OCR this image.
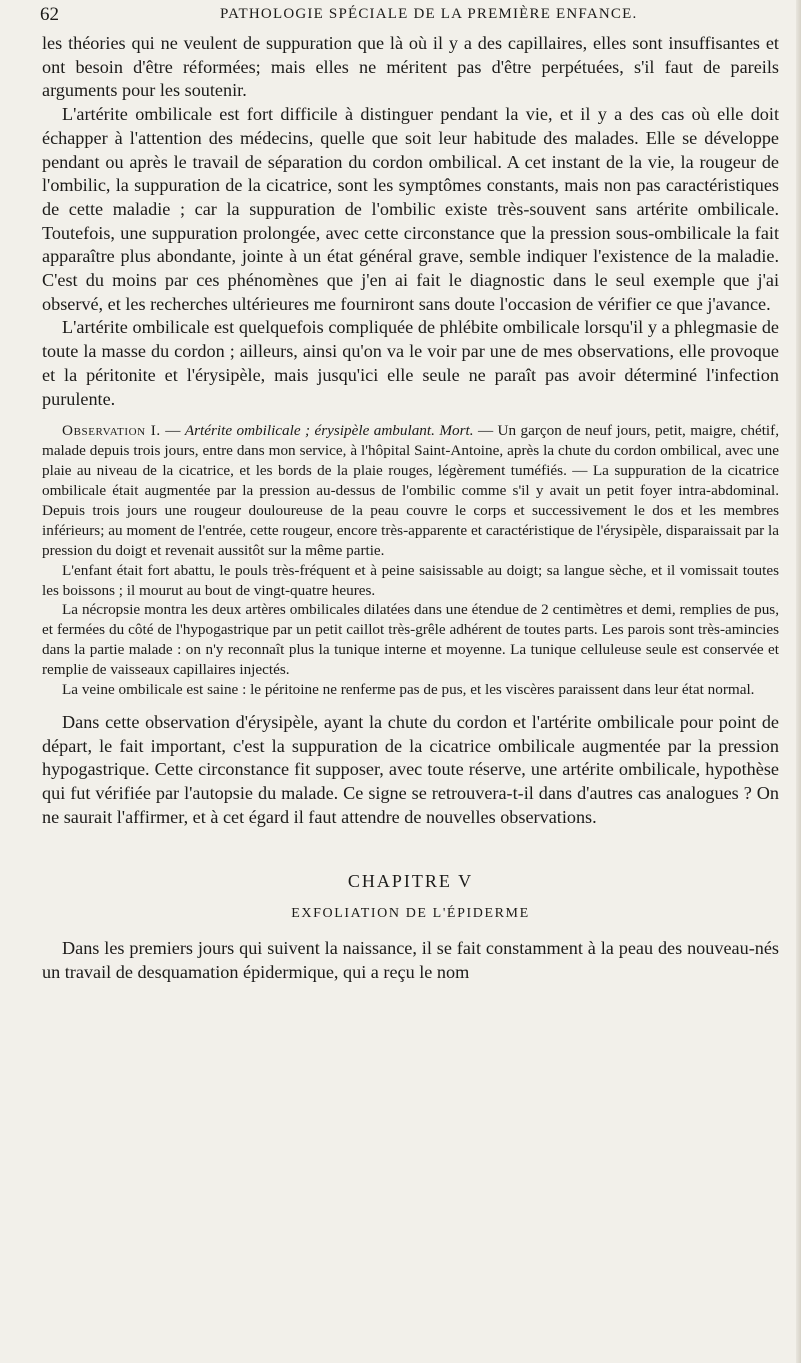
62	PATHOLOGIE SPÉCIALE DE LA PREMIÈRE ENFANCE.

les théories qui ne veulent de suppuration que là où il y a des capillaires, elles sont insuffisantes et ont besoin d'être réformées; mais elles ne méritent pas d'être perpétuées, s'il faut de pareils arguments pour les soutenir.

L'artérite ombilicale est fort difficile à distinguer pendant la vie, et il y a des cas où elle doit échapper à l'attention des médecins, quelle que soit leur habitude des malades. Elle se développe pendant ou après le travail de séparation du cordon ombilical. A cet instant de la vie, la rougeur de l'ombilic, la suppuration de la cicatrice, sont les symptômes constants, mais non pas caractéristiques de cette maladie ; car la suppuration de l'ombilic existe très-souvent sans artérite ombilicale. Toutefois, une suppuration prolongée, avec cette circonstance que la pression sous-ombilicale la fait apparaître plus abondante, jointe à un état général grave, semble indiquer l'existence de la maladie. C'est du moins par ces phénomènes que j'en ai fait le diagnostic dans le seul exemple que j'ai observé, et les recherches ultérieures me fourniront sans doute l'occasion de vérifier ce que j'avance.

L'artérite ombilicale est quelquefois compliquée de phlébite ombilicale lorsqu'il y a phlegmasie de toute la masse du cordon ; ailleurs, ainsi qu'on va le voir par une de mes observations, elle provoque et la péritonite et l'érysipèle, mais jusqu'ici elle seule ne paraît pas avoir déterminé l'infection purulente.

Observation I. — Artérite ombilicale ; érysipèle ambulant. Mort. — Un garçon de neuf jours, petit, maigre, chétif, malade depuis trois jours, entre dans mon service, à l'hôpital Saint-Antoine, après la chute du cordon ombilical, avec une plaie au niveau de la cicatrice, et les bords de la plaie rouges, légèrement tuméfiés. — La suppuration de la cicatrice ombilicale était augmentée par la pression au-dessus de l'ombilic comme s'il y avait un petit foyer intra-abdominal. Depuis trois jours une rougeur douloureuse de la peau couvre le corps et successivement le dos et les membres inférieurs; au moment de l'entrée, cette rougeur, encore très-apparente et caractéristique de l'érysipèle, disparaissait par la pression du doigt et revenait aussitôt sur la même partie.

L'enfant était fort abattu, le pouls très-fréquent et à peine saisissable au doigt; sa langue sèche, et il vomissait toutes les boissons ; il mourut au bout de vingt-quatre heures.

La nécropsie montra les deux artères ombilicales dilatées dans une étendue de 2 centimètres et demi, remplies de pus, et fermées du côté de l'hypogastrique par un petit caillot très-grêle adhérent de toutes parts. Les parois sont très-amincies dans la partie malade : on n'y reconnaît plus la tunique interne et moyenne. La tunique celluleuse seule est conservée et remplie de vaisseaux capillaires injectés.

La veine ombilicale est saine : le péritoine ne renferme pas de pus, et les viscères paraissent dans leur état normal.

Dans cette observation d'érysipèle, ayant la chute du cordon et l'artérite ombilicale pour point de départ, le fait important, c'est la suppuration de la cicatrice ombilicale augmentée par la pression hypogastrique. Cette circonstance fit supposer, avec toute réserve, une artérite ombilicale, hypothèse qui fut vérifiée par l'autopsie du malade. Ce signe se retrouvera-t-il dans d'autres cas analogues ? On ne saurait l'affirmer, et à cet égard il faut attendre de nouvelles observations.

CHAPITRE V
EXFOLIATION DE L'ÉPIDERME

Dans les premiers jours qui suivent la naissance, il se fait constamment à la peau des nouveau-nés un travail de desquamation épidermique, qui a reçu le nom
